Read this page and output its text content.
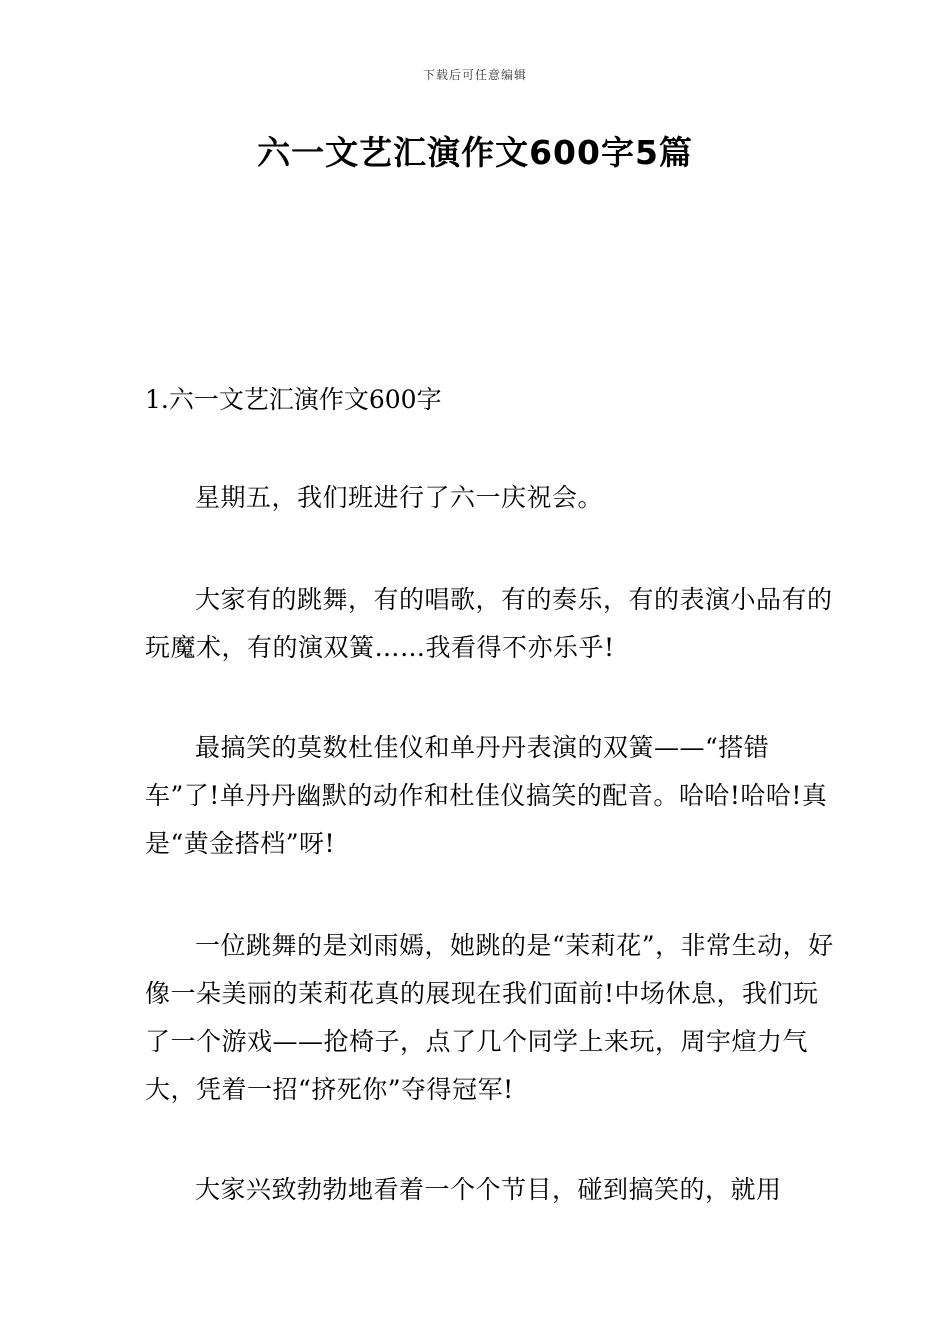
下载后可任意编辑
六一文艺汇演作文600字5篇
1.六一文艺汇演作文600字

星期五，我们班进行了六一庆祝会。

大家有的跳舞，有的唱歌，有的奏乐，有的表演小品有的玩魔术，有的演双簧……我看得不亦乐乎!

最搞笑的莫数杜佳仪和单丹丹表演的双簧——“搭错车”了!单丹丹幽默的动作和杜佳仪搞笑的配音。哈哈!哈哈!真是“黄金搭档”呀!

一位跳舞的是刘雨嫣，她跳的是“茉莉花”，非常生动，好像一朵美丽的茉莉花真的展现在我们面前!中场休息，我们玩了一个游戏——抢椅子，点了几个同学上来玩，周宇煊力气大，凭着一招“挤死你”夺得冠军!

大家兴致勃勃地看着一个个节目，碰到搞笑的，就用
